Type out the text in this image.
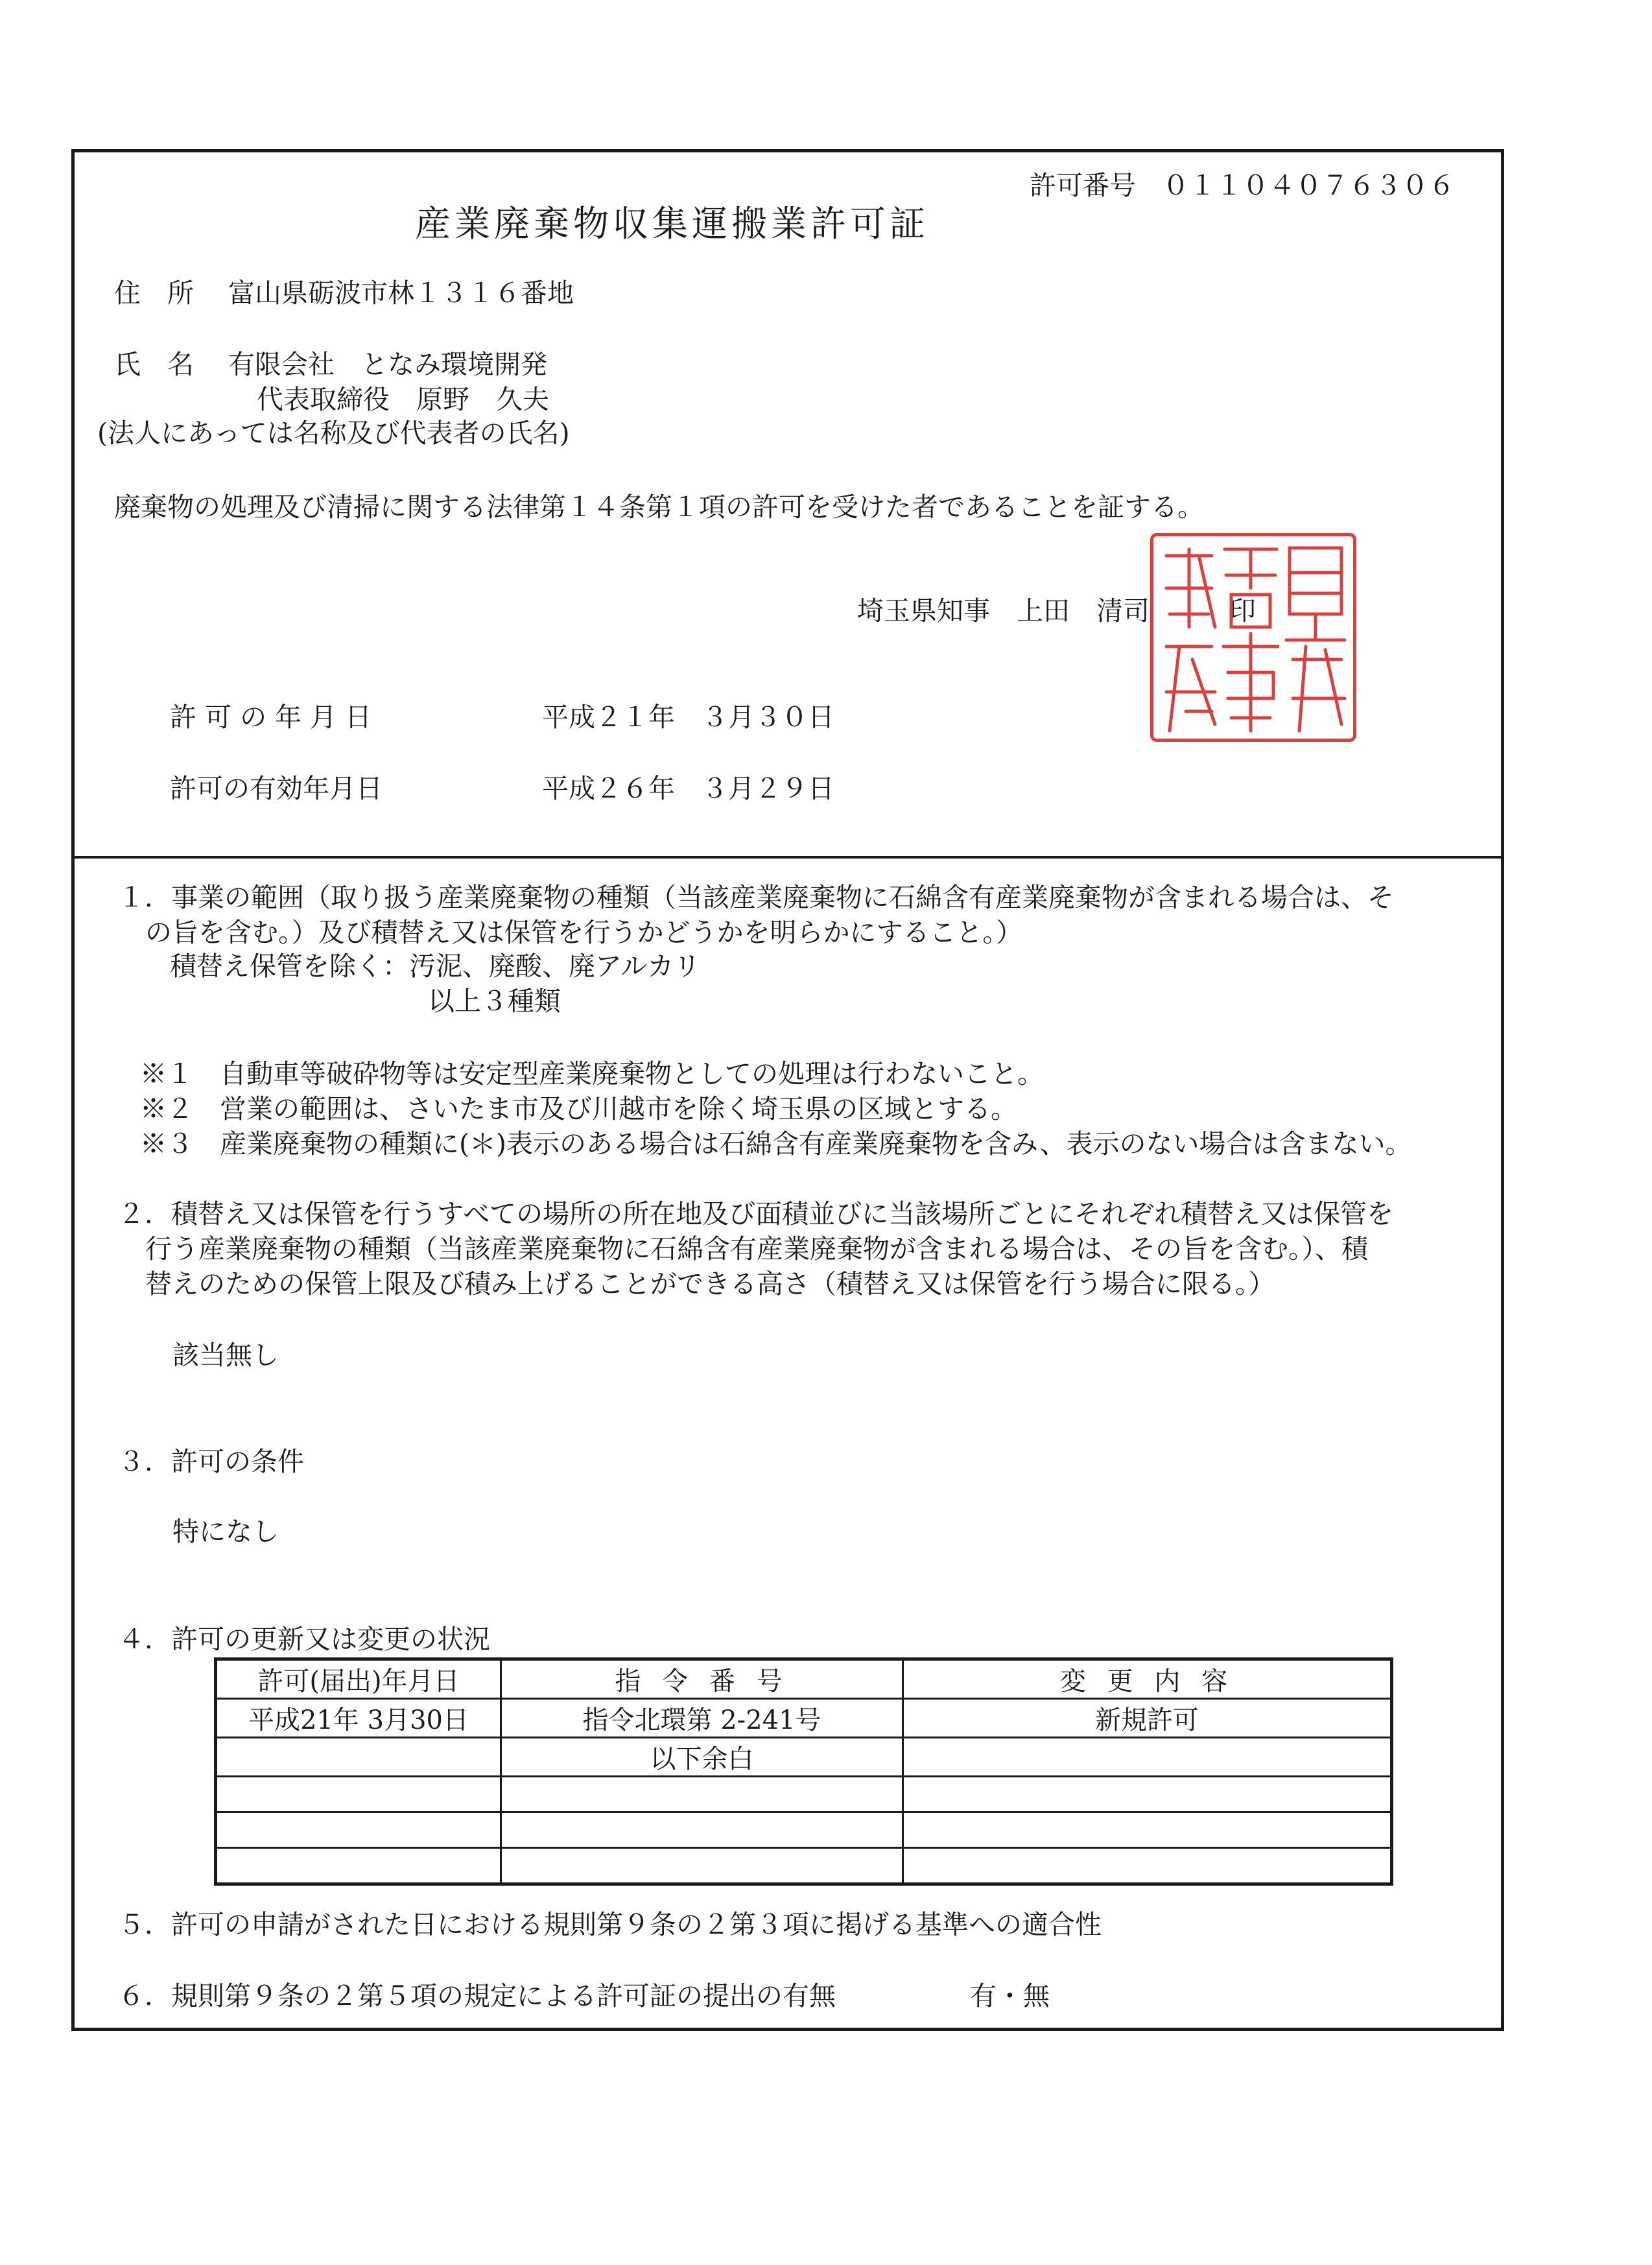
許可番号　０１１０４０７６３０６
産業廃棄物収集運搬業許可証
住　所 富山県砺波市林１３１６番地
氏　名 有限会社　となみ環境開発
代表取締役　原野　久夫
(法人にあっては名称及び代表者の氏名)
廃棄物の処理及び清掃に関する法律第１４条第１項の許可を受けた者であることを証する。
埼玉県知事　上田　清司　　　印
許 可 の 年 月 日	平成２１年　３月３０日
許可の有効年月日	平成２６年　３月２９日
１．事業の範囲（取り扱う産業廃棄物の種類（当該産業廃棄物に石綿含有産業廃棄物が含まれる場合は、そ
の旨を含む。）及び積替え又は保管を行うかどうかを明らかにすること。）
積替え保管を除く：汚泥、廃酸、廃アルカリ
以上３種類
※１　自動車等破砕物等は安定型産業廃棄物としての処理は行わないこと。
※２　営業の範囲は、さいたま市及び川越市を除く埼玉県の区域とする。
※３　産業廃棄物の種類に(＊)表示のある場合は石綿含有産業廃棄物を含み、表示のない場合は含まない。
２．積替え又は保管を行うすべての場所の所在地及び面積並びに当該場所ごとにそれぞれ積替え又は保管を
行う産業廃棄物の種類（当該産業廃棄物に石綿含有産業廃棄物が含まれる場合は、その旨を含む。）、積
替えのための保管上限及び積み上げることができる高さ（積替え又は保管を行う場合に限る。）
該当無し
３．許可の条件
特になし
４．許可の更新又は変更の状況
許可(届出)年月日	指 令 番 号	変 更 内 容
平成21年 3月30日	指令北環第 2-241号	新規許可
	以下余白	

５．許可の申請がされた日における規則第９条の２第３項に掲げる基準への適合性
６．規則第９条の２第５項の規定による許可証の提出の有無	有・無
